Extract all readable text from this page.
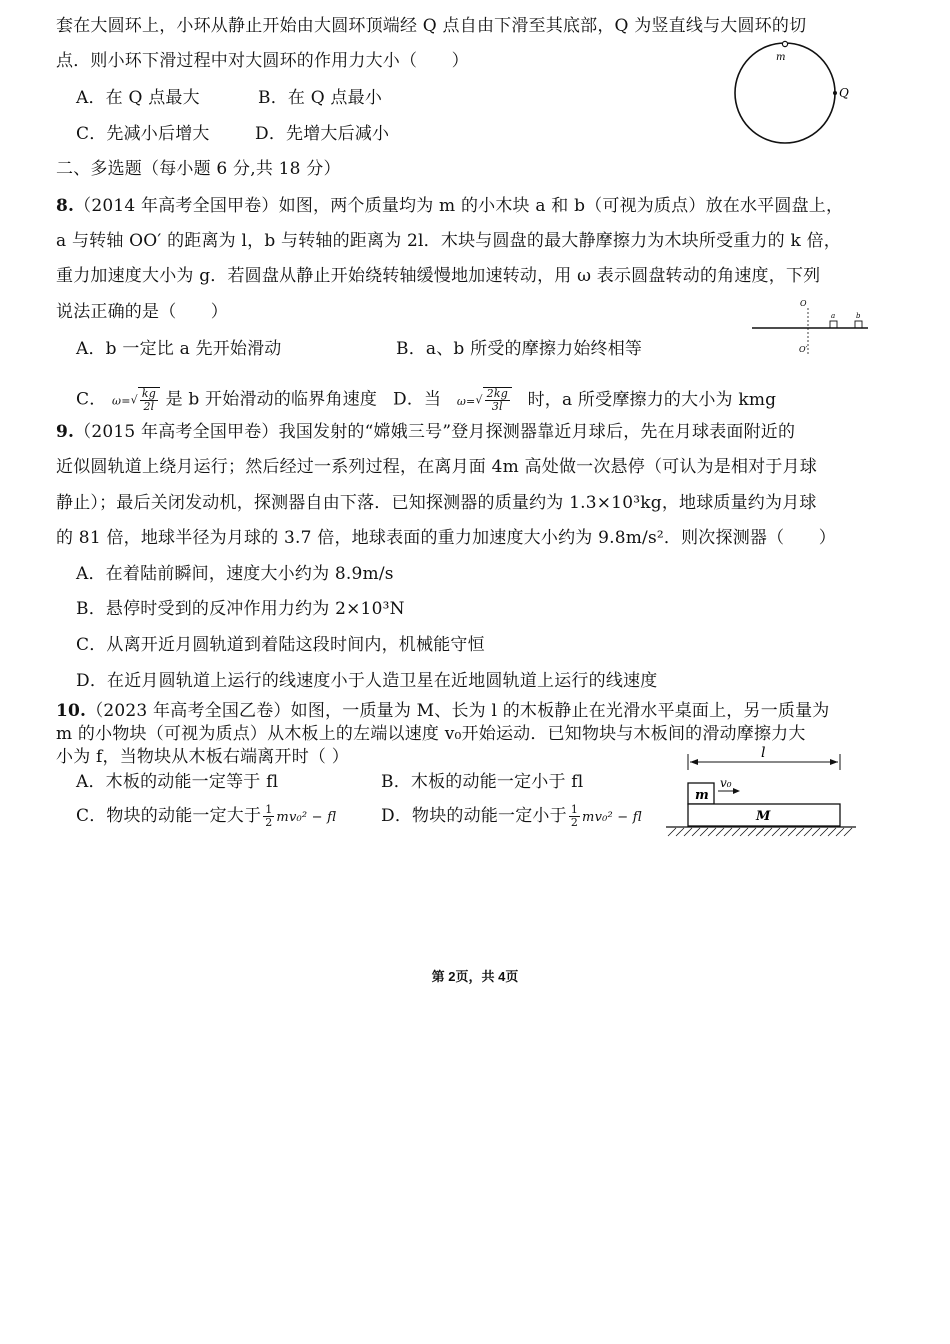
套在大圆环上，小环从静止开始由大圆环顶端经 Q 点自由下滑至其底部，Q 为竖直线与大圆环的切
点．则小环下滑过程中对大圆环的作用力大小（　　）
A．在 Q 点最大	B．在 Q 点最小
C．先减小后增大	D．先增大后减小
m
Q
二、多选题（每小题 6 分,共 18 分）
8.（2014 年高考全国甲卷）如图，两个质量均为 m 的小木块 a 和 b（可视为质点）放在水平圆盘上，
a 与转轴 OO′ 的距离为 l，b 与转轴的距离为 2l．木块与圆盘的最大静摩擦力为木块所受重力的 k 倍，
重力加速度大小为 g．若圆盘从静止开始绕转轴缓慢地加速转动，用 ω 表示圆盘转动的角速度，下列
说法正确的是（　　）
A．b 一定比 a 先开始滑动	B．a、b 所受的摩擦力始终相等
C． $\omega=√ \frac{kg}{2l}$ 是 b 开始滑动的临界角速度 D．当 $\omega=√ \frac{2kg}{3l}$ 时，a 所受摩擦力的大小为 kmg
O
a	b
O′
9.（2015 年高考全国甲卷）我国发射的“嫦娥三号”登月探测器靠近月球后，先在月球表面附近的
近似圆轨道上绕月运行；然后经过一系列过程，在离月面 4m 高处做一次悬停（可认为是相对于月球
静止）；最后关闭发动机，探测器自由下落．已知探测器的质量约为 1.3×10³kg，地球质量约为月球
的 81 倍，地球半径为月球的 3.7 倍，地球表面的重力加速度大小约为 9.8m/s²．则次探测器（　　）
A．在着陆前瞬间，速度大小约为 8.9m/s
B．悬停时受到的反冲作用力约为 2×10³N
C．从离开近月圆轨道到着陆这段时间内，机械能守恒
D．在近月圆轨道上运行的线速度小于人造卫星在近地圆轨道上运行的线速度
10.（2023 年高考全国乙卷）如图，一质量为 M、长为 l 的木板静止在光滑水平桌面上，另一质量为
m 的小物块（可视为质点）从木板上的左端以速度 v₀开始运动．已知物块与木板间的滑动摩擦力大
小为 f，当物块从木板右端离开时（ ）
A．木板的动能一定等于 fl	B．木板的动能一定小于 fl
C．物块的动能一定大于 $\frac{1}{2} mv_0^2$ − fl	D．物块的动能一定小于 $\frac{1}{2} mv_0^2$ − fl
l
m
v₀
M
第 2页，共 4页
